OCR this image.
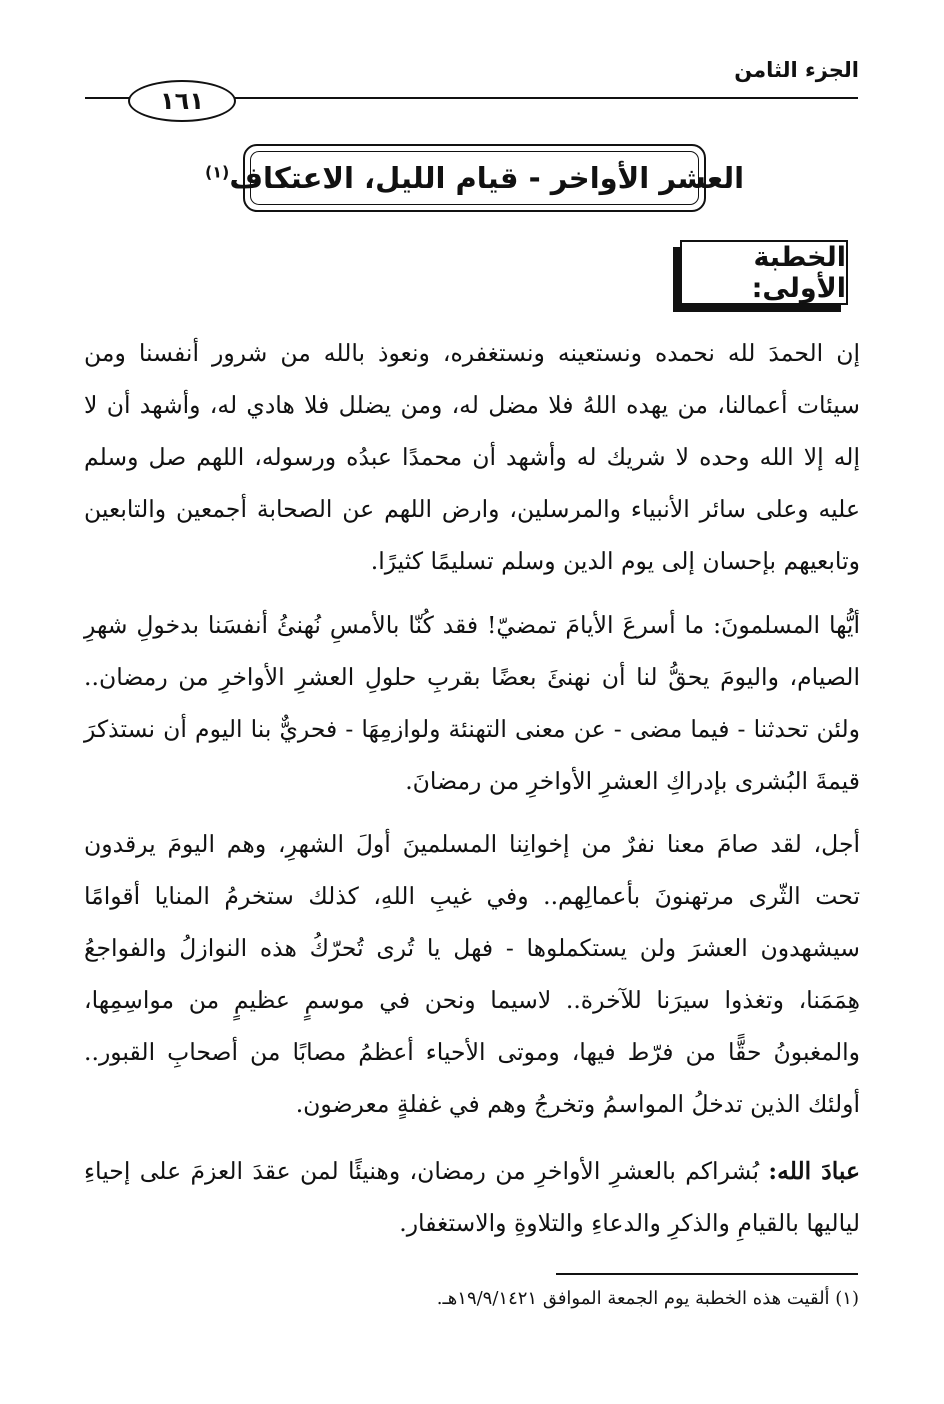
الجزء الثامن
١٦١
العشر الأواخر - قيام الليل، الاعتكاف$^{(١)}$
الخطبة الأولى:

إن الحمدَ لله نحمده ونستعينه ونستغفره، ونعوذ بالله من شرور أنفسنا ومن سيئات أعمالنا، من يهده اللهُ فلا مضل له، ومن يضلل فلا هادي له، وأشهد أن لا إله إلا الله وحده لا شريك له وأشهد أن محمدًا عبدُه ورسوله، اللهم صل وسلم عليه وعلى سائر الأنبياء والمرسلين، وارض اللهم عن الصحابة أجمعين والتابعين وتابعيهم بإحسان إلى يوم الدين وسلم تسليمًا كثيرًا.

أيُّها المسلمونَ: ما أسرعَ الأيامَ تمضيّ! فقد كُنّا بالأمسِ نُهنئُ أنفسَنا بدخولِ شهرِ الصيام، واليومَ يحقُّ لنا أن نهنئَ بعضًا بقربِ حلولِ العشرِ الأواخرِ من رمضان.. ولئن تحدثنا - فيما مضى - عن معنى التهنئة ولوازمِهَا - فحريٌّ بنا اليوم أن نستذكرَ قيمةَ البُشرى بإدراكِ العشرِ الأواخرِ من رمضانَ.

أجل، لقد صامَ معنا نفرٌ من إخوانِنا المسلمينَ أولَ الشهرِ، وهم اليومَ يرقدون تحت الثّرى مرتهنونَ بأعمالِهم.. وفي غيبِ اللهِ، كذلك ستخرمُ المنايا أقوامًا سيشهدون العشرَ ولن يستكملوها - فهل يا تُرى تُحرّكُ هذه النوازلُ والفواجعُ هِمَمَنا، وتغذوا سيرَنا للآخرة.. لاسيما ونحن في موسمٍ عظيمٍ من مواسِمِها، والمغبونُ حقًّا من فرّط فيها، وموتى الأحياء أعظمُ مصابًا من أصحابِ القبور.. أولئك الذين تدخلُ المواسمُ وتخرجُ وهم في غفلةٍ معرضون.

عبادَ الله: بُشراكم بالعشرِ الأواخرِ من رمضان، وهنيئًا لمن عقدَ العزمَ على إحياءِ لياليها بالقيامِ والذكرِ والدعاءِ والتلاوةِ والاستغفار.

(١) ألقيت هذه الخطبة يوم الجمعة الموافق ١٩/٩/١٤٢١هـ.
